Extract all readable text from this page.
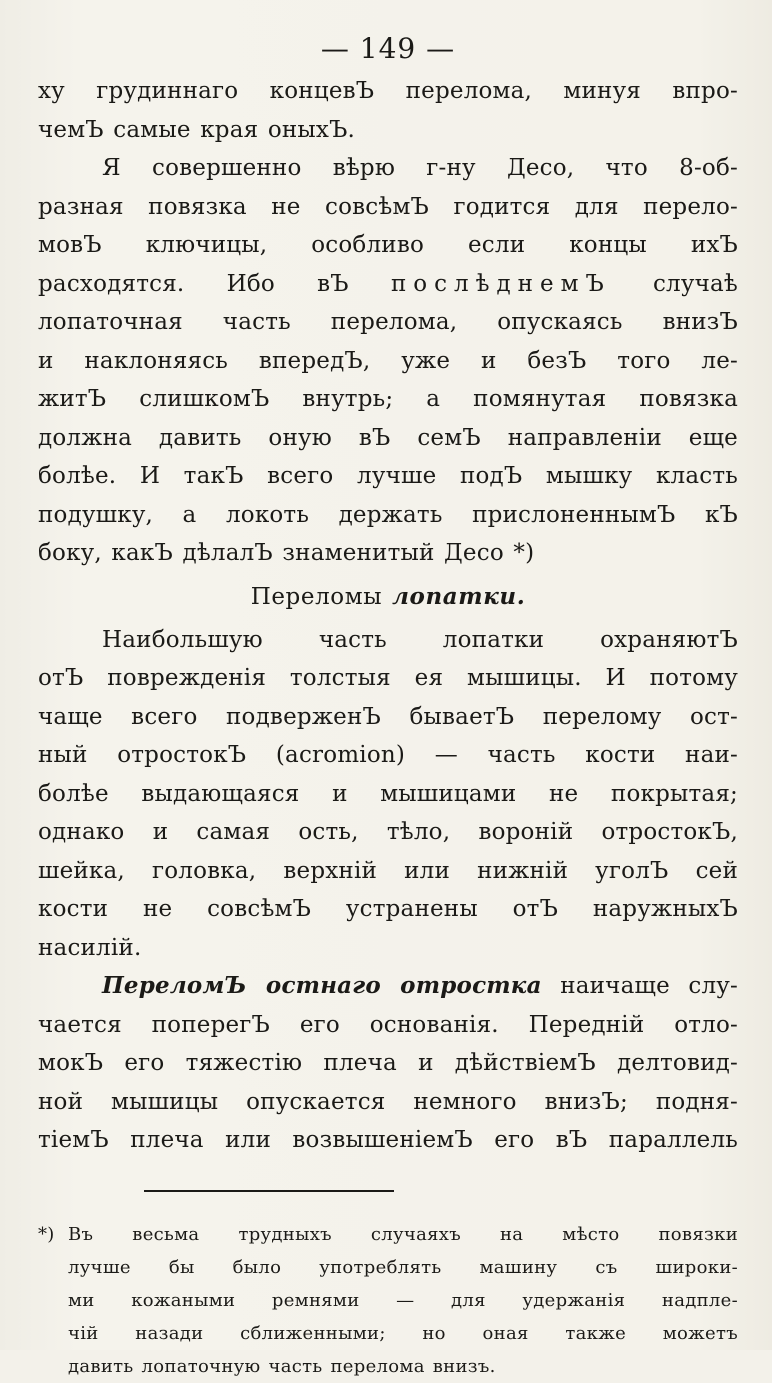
— 149 —
ху грудиннаго концевЪ перелома, минуя впро-
чемЪ самые края оныхЪ.
Я совершенно вѣрю г-ну Десо, что 8-об-
разная повязка не совсѣмЪ годится для перело-
мовЪ ключицы, особливо если концы ихЪ
расходятся. Ибо вЪ послѣднемЪ случаѣ
лопаточная часть перелома, опускаясь внизЪ
и наклоняясь впередЪ, уже и безЪ того ле-
житЪ слишкомЪ внутрь; а помянутая повязка
должна давить оную вЪ семЪ направленіи еще
болѣе. И такЪ всего лучше подЪ мышку класть
подушку, а локоть держать прислоненнымЪ кЪ
боку, какЪ дѣлалЪ знаменитый Десо *)
Переломы лопатки.
Наибольшую часть лопатки охраняютЪ
отЪ поврежденія толстыя ея мышицы. И потому
чаще всего подверженЪ бываетЪ перелому ост-
ный отростокЪ (acromion) — часть кости наи-
болѣе выдающаяся и мышицами не покрытая;
однако и самая ость, тѣло, вороній отростокЪ,
шейка, головка, верхній или нижній уголЪ сей
кости не совсѣмЪ устранены отЪ наружныхЪ
насилій.
ПереломЪ остнаго отростка наичаще слу-
чается поперегЪ его основанія. Передній отло-
мокЪ его тяжестію плеча и дѣйствіемЪ делтовид-
ной мышицы опускается немного внизЪ; подня-
тіемЪ плеча или возвышеніемЪ его вЪ параллель
*) Въ весьма трудныхъ случаяхъ на мѣсто повязки
лучше бы было употреблять машину съ широки-
ми кожаными ремнями — для удержанія надпле-
чій назади сближенными; но оная также можетъ
давить лопаточную часть перелома внизъ.
